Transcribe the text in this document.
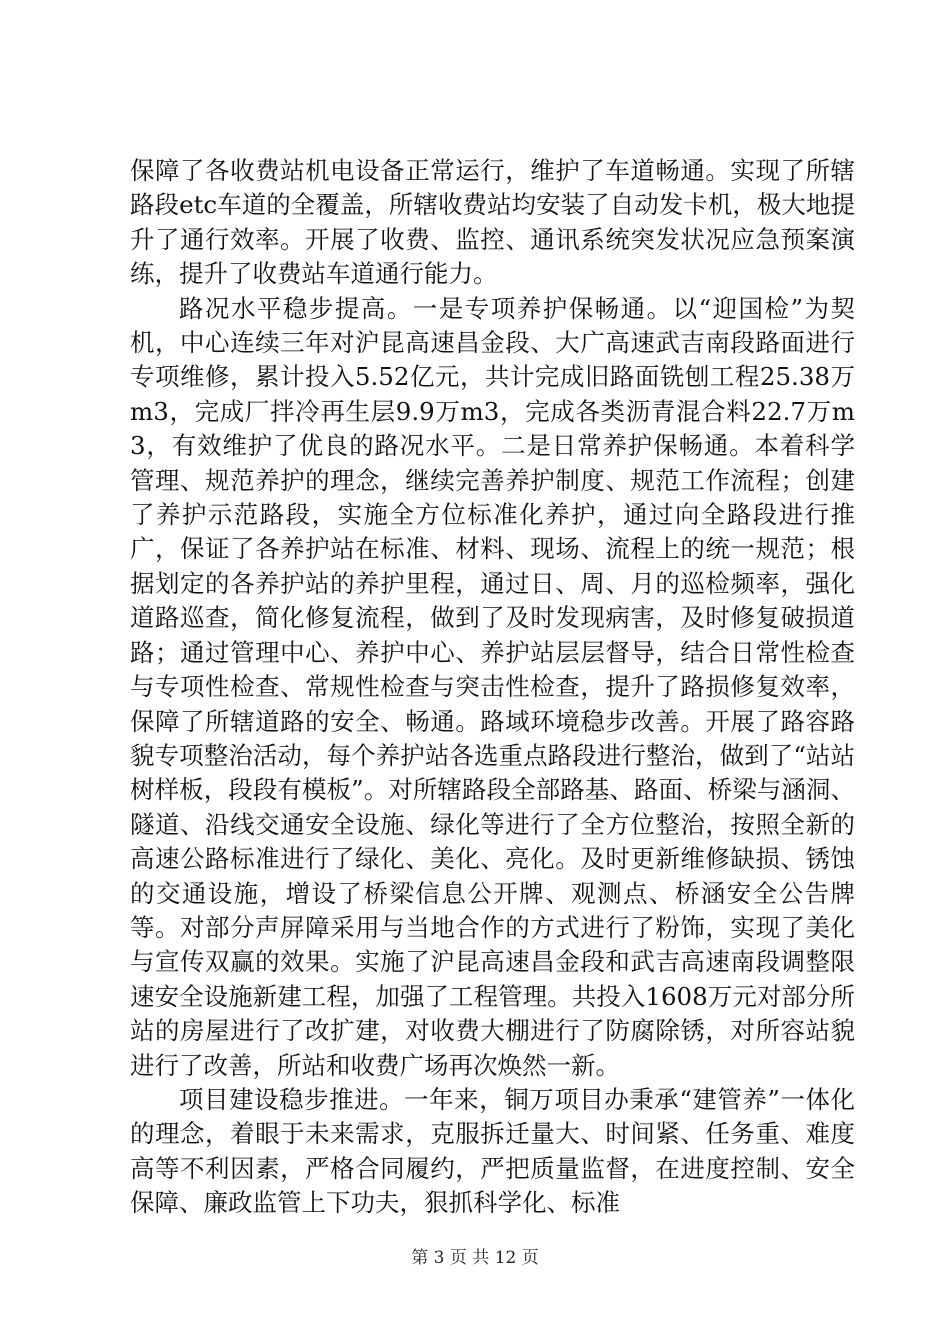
保障了各收费站机电设备正常运行，维护了车道畅通。实现了所辖路段etc车道的全覆盖，所辖收费站均安装了自动发卡机，极大地提升了通行效率。开展了收费、监控、通讯系统突发状况应急预案演练，提升了收费站车道通行能力。

路况水平稳步提高。一是专项养护保畅通。以“迎国检”为契机，中心连续三年对沪昆高速昌金段、大广高速武吉南段路面进行专项维修，累计投入5.52亿元，共计完成旧路面铣刨工程25.38万m3，完成厂拌冷再生层9.9万m3，完成各类沥青混合料22.7万m3，有效维护了优良的路况水平。二是日常养护保畅通。本着科学管理、规范养护的理念，继续完善养护制度、规范工作流程；创建了养护示范路段，实施全方位标准化养护，通过向全路段进行推广，保证了各养护站在标准、材料、现场、流程上的统一规范；根据划定的各养护站的养护里程，通过日、周、月的巡检频率，强化道路巡查，简化修复流程，做到了及时发现病害，及时修复破损道路；通过管理中心、养护中心、养护站层层督导，结合日常性检查与专项性检查、常规性检查与突击性检查，提升了路损修复效率，保障了所辖道路的安全、畅通。路域环境稳步改善。开展了路容路貌专项整治活动，每个养护站各选重点路段进行整治，做到了“站站树样板，段段有模板”。对所辖路段全部路基、路面、桥梁与涵洞、隧道、沿线交通安全设施、绿化等进行了全方位整治，按照全新的高速公路标准进行了绿化、美化、亮化。及时更新维修缺损、锈蚀的交通设施，增设了桥梁信息公开牌、观测点、桥涵安全公告牌等。对部分声屏障采用与当地合作的方式进行了粉饰，实现了美化与宣传双赢的效果。实施了沪昆高速昌金段和武吉高速南段调整限速安全设施新建工程，加强了工程管理。共投入1608万元对部分所站的房屋进行了改扩建，对收费大棚进行了防腐除锈，对所容站貌进行了改善，所站和收费广场再次焕然一新。

项目建设稳步推进。一年来，铜万项目办秉承“建管养”一体化的理念，着眼于未来需求，克服拆迁量大、时间紧、任务重、难度高等不利因素，严格合同履约，严把质量监督，在进度控制、安全保障、廉政监管上下功夫，狠抓科学化、标准

第 3 页 共 12 页
